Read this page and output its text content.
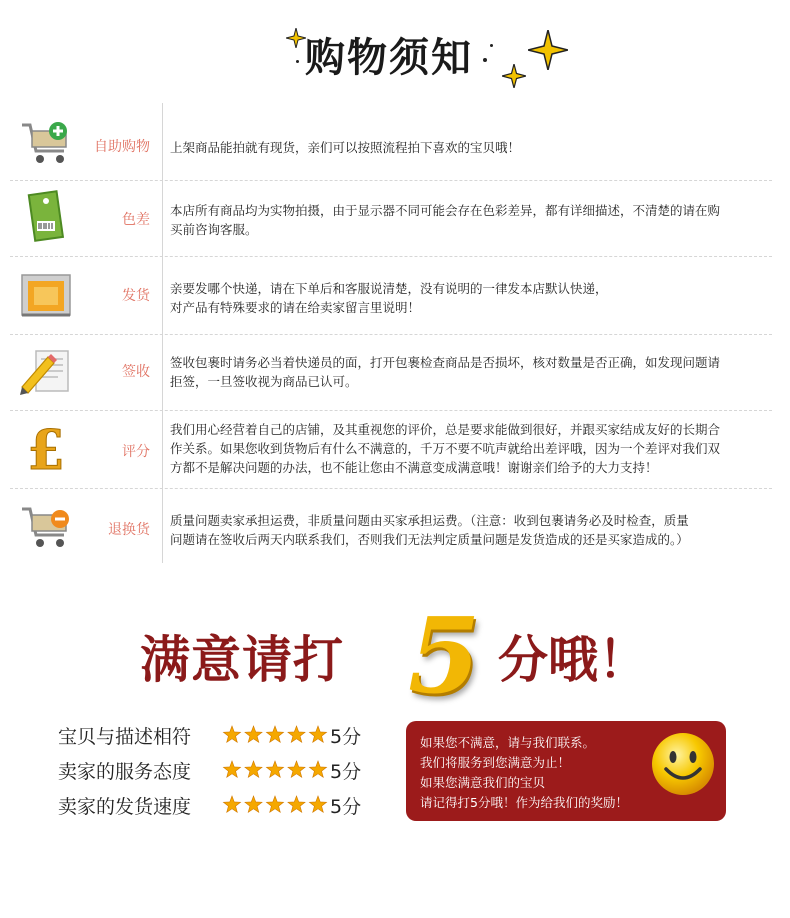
购物须知
自助购物 上架商品能拍就有现货，亲们可以按照流程拍下喜欢的宝贝哦！
色差
本店所有商品均为实物拍摄，由于显示器不同可能会存在色彩差异，都有详细描述，不清楚的请在购
买前咨询客服。
发货 亲要发哪个快递，请在下单后和客服说清楚，没有说明的一律发本店默认快递，
对产品有特殊要求的请在给卖家留言里说明！
签收
签收包裹时请务必当着快递员的面，打开包裹检查商品是否损坏，核对数量是否正确，如发现问题请
拒签，一旦签收视为商品已认可。
£	评分
我们用心经营着自己的店铺，及其重视您的评价，总是要求能做到很好，并跟买家结成友好的长期合
作关系。如果您收到货物后有什么不满意的，千万不要不吭声就给出差评哦，因为一个差评对我们双
方都不是解决问题的办法，也不能让您由不满意变成满意哦！谢谢亲们给予的大力支持！
退换货
质量问题卖家承担运费，非质量问题由买家承担运费。（注意：收到包裹请务必及时检查，质量
问题请在签收后两天内联系我们，否则我们无法判定质量问题是发货造成的还是买家造成的。）
满意请打 5 分哦！
宝贝与描述相符	5分
卖家的服务态度	5分
卖家的发货速度	5分
如果您不满意，请与我们联系。
我们将服务到您满意为止！
如果您满意我们的宝贝
请记得打5分哦！作为给我们的奖励！
